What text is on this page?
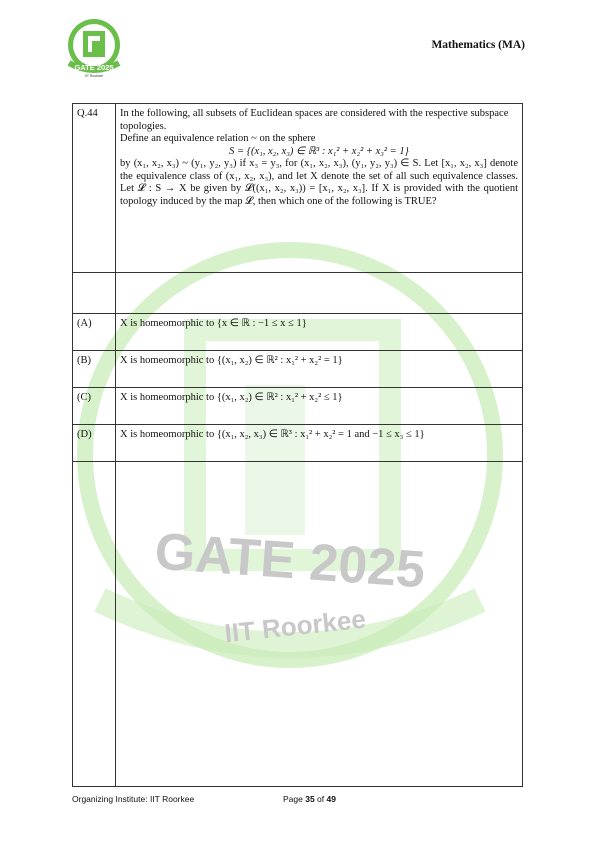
GATE 2025
IIT Roorkee
Mathematics (MA)
GATE 2025
IIT Roorkee
Q.44	In the following, all subsets of Euclidean spaces are considered with the respective subspace topologies.

Define an equivalence relation ~ on the sphere

S = {(x₁, x₂, x₃) ∈ ℝ³ : x₁² + x₂² + x₃² = 1}

by (x₁, x₂, x₃) ~ (y₁, y₂, y₃) if x₃ = y₃, for (x₁, x₂, x₃), (y₁, y₂, y₃) ∈ S. Let [x₁, x₂, x₃] denote the equivalence class of (x₁, x₂, x₃), and let X denote the set of all such equivalence classes. Let 𝓛 : S → X be given by 𝓛((x₁, x₂, x₃)) = [x₁, x₂, x₃]. If X is provided with the quotient topology induced by the map 𝓛, then which one of the following is TRUE?

(A)	X is homeomorphic to {x ∈ ℝ : −1 ≤ x ≤ 1}
(B)	X is homeomorphic to {(x₁, x₂) ∈ ℝ² : x₁² + x₂² = 1}
(C)	X is homeomorphic to {(x₁, x₂) ∈ ℝ² : x₁² + x₂² ≤ 1}
(D)	X is homeomorphic to {(x₁, x₂, x₃) ∈ ℝ³ : x₁² + x₂² = 1 and −1 ≤ x₃ ≤ 1}

Organizing Institute: IIT Roorkee	Page 35 of 49
